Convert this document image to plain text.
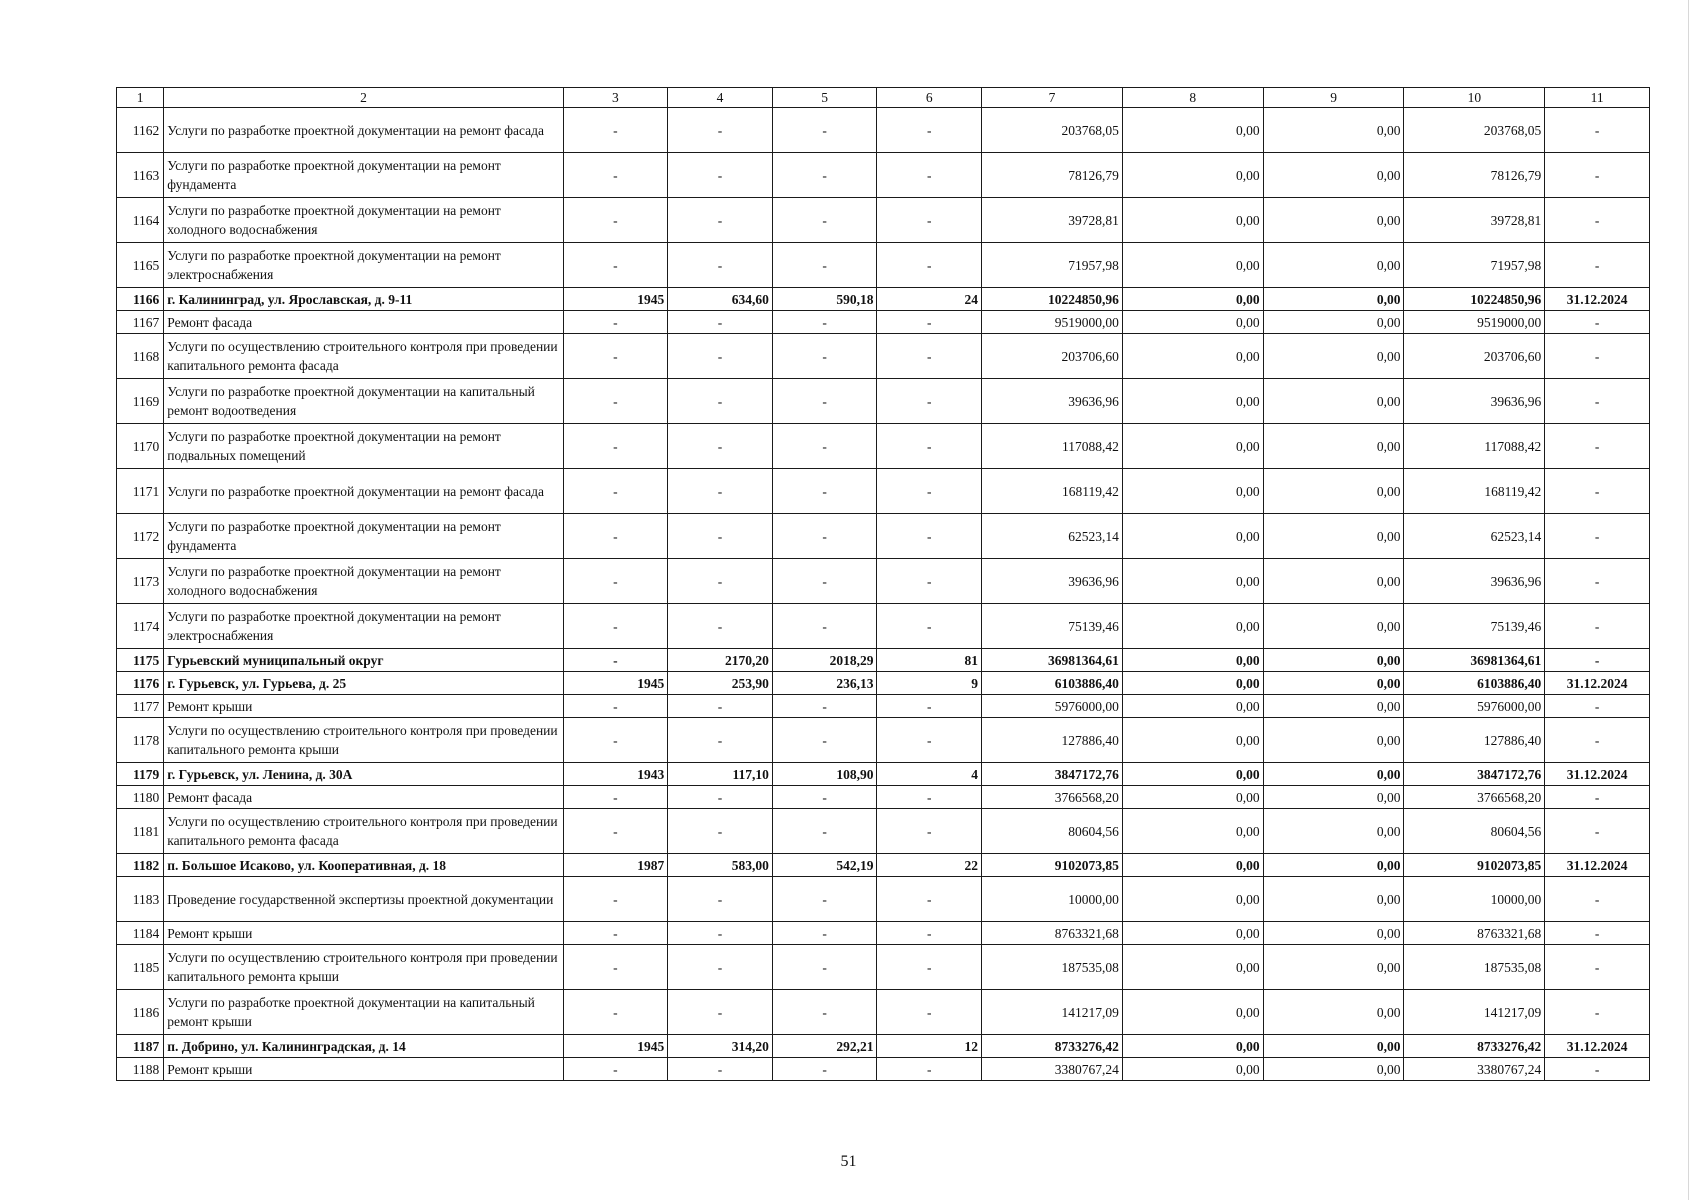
1	2	3	4	5	6	7	8	9	10	11
1162	Услуги по разработке проектной документации на ремонт фасада	-	-	-	-	203768,05	0,00	0,00	203768,05	-
1163	Услуги по разработке проектной документации на ремонт фундамента	-	-	-	-	78126,79	0,00	0,00	78126,79	-
1164	Услуги по разработке проектной документации на ремонт холодного водоснабжения	-	-	-	-	39728,81	0,00	0,00	39728,81	-
1165	Услуги по разработке проектной документации на ремонт электроснабжения	-	-	-	-	71957,98	0,00	0,00	71957,98	-
1166	г. Калининград, ул. Ярославская, д. 9-11	1945	634,60	590,18	24	10224850,96	0,00	0,00	10224850,96	31.12.2024
1167	Ремонт фасада	-	-	-	-	9519000,00	0,00	0,00	9519000,00	-
1168	Услуги по осуществлению строительного контроля при проведении капитального ремонта фасада	-	-	-	-	203706,60	0,00	0,00	203706,60	-
1169	Услуги по разработке проектной документации на капитальный ремонт водоотведения	-	-	-	-	39636,96	0,00	0,00	39636,96	-
1170	Услуги по разработке проектной документации на ремонт подвальных помещений	-	-	-	-	117088,42	0,00	0,00	117088,42	-
1171	Услуги по разработке проектной документации на ремонт фасада	-	-	-	-	168119,42	0,00	0,00	168119,42	-
1172	Услуги по разработке проектной документации на ремонт фундамента	-	-	-	-	62523,14	0,00	0,00	62523,14	-
1173	Услуги по разработке проектной документации на ремонт холодного водоснабжения	-	-	-	-	39636,96	0,00	0,00	39636,96	-
1174	Услуги по разработке проектной документации на ремонт электроснабжения	-	-	-	-	75139,46	0,00	0,00	75139,46	-
1175	Гурьевский муниципальный округ	-	2170,20	2018,29	81	36981364,61	0,00	0,00	36981364,61	-
1176	г. Гурьевск, ул. Гурьева, д. 25	1945	253,90	236,13	9	6103886,40	0,00	0,00	6103886,40	31.12.2024
1177	Ремонт крыши	-	-	-	-	5976000,00	0,00	0,00	5976000,00	-
1178	Услуги по осуществлению строительного контроля при проведении капитального ремонта крыши	-	-	-	-	127886,40	0,00	0,00	127886,40	-
1179	г. Гурьевск, ул. Ленина, д. 30А	1943	117,10	108,90	4	3847172,76	0,00	0,00	3847172,76	31.12.2024
1180	Ремонт фасада	-	-	-	-	3766568,20	0,00	0,00	3766568,20	-
1181	Услуги по осуществлению строительного контроля при проведении капитального ремонта фасада	-	-	-	-	80604,56	0,00	0,00	80604,56	-
1182	п. Большое Исаково, ул. Кооперативная, д. 18	1987	583,00	542,19	22	9102073,85	0,00	0,00	9102073,85	31.12.2024
1183	Проведение государственной экспертизы проектной документации	-	-	-	-	10000,00	0,00	0,00	10000,00	-
1184	Ремонт крыши	-	-	-	-	8763321,68	0,00	0,00	8763321,68	-
1185	Услуги по осуществлению строительного контроля при проведении капитального ремонта крыши	-	-	-	-	187535,08	0,00	0,00	187535,08	-
1186	Услуги по разработке проектной документации на капитальный ремонт крыши	-	-	-	-	141217,09	0,00	0,00	141217,09	-
1187	п. Добрино, ул. Калининградская, д. 14	1945	314,20	292,21	12	8733276,42	0,00	0,00	8733276,42	31.12.2024
1188	Ремонт крыши	-	-	-	-	3380767,24	0,00	0,00	3380767,24	-
51
